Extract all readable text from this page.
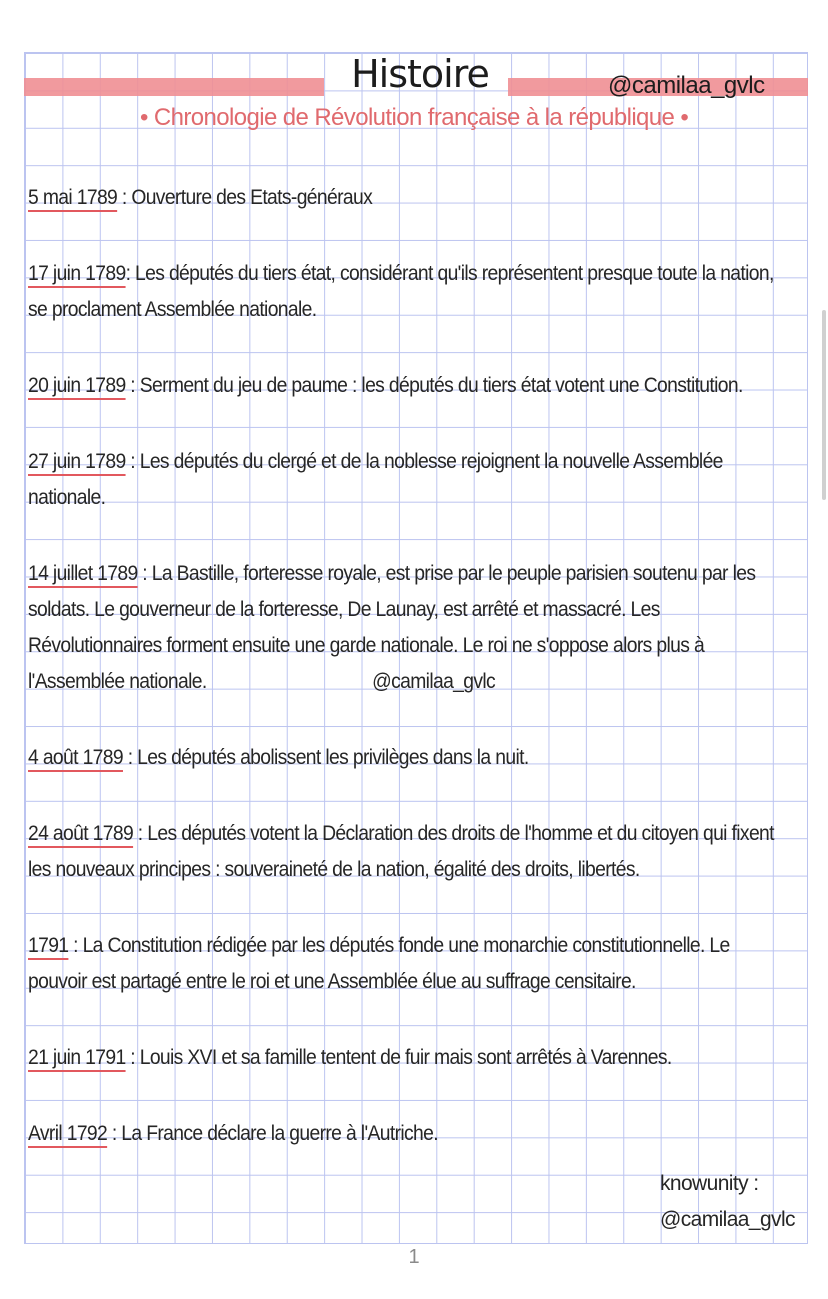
Histoire	@camilaa_gvlc
• Chronologie de Révolution française à la république •

5 mai 1789 : Ouverture des Etats-généraux

17 juin 1789: Les députés du tiers état, considérant qu'ils représentent presque toute la nation, se proclament Assemblée nationale.

20 juin 1789 : Serment du jeu de paume : les députés du tiers état votent une Constitution.

27 juin 1789 : Les députés du clergé et de la noblesse rejoignent la nouvelle Assemblée nationale.

14 juillet 1789 : La Bastille, forteresse royale, est prise par le peuple parisien soutenu par les soldats. Le gouverneur de la forteresse, De Launay, est arrêté et massacré. Les Révolutionnaires forment ensuite une garde nationale. Le roi ne s'oppose alors plus à l'Assemblée nationale.	@camilaa_gvlc

4 août 1789 : Les députés abolissent les privilèges dans la nuit.

24 août 1789 : Les députés votent la Déclaration des droits de l'homme et du citoyen qui fixent les nouveaux principes : souveraineté de la nation, égalité des droits, libertés.

1791 : La Constitution rédigée par les députés fonde une monarchie constitutionnelle. Le pouvoir est partagé entre le roi et une Assemblée élue au suffrage censitaire.

21 juin 1791 : Louis XVI et sa famille tentent de fuir mais sont arrêtés à Varennes.

Avril 1792 : La France déclare la guerre à l'Autriche.

knowunity :
@camilaa_gvlc
1
